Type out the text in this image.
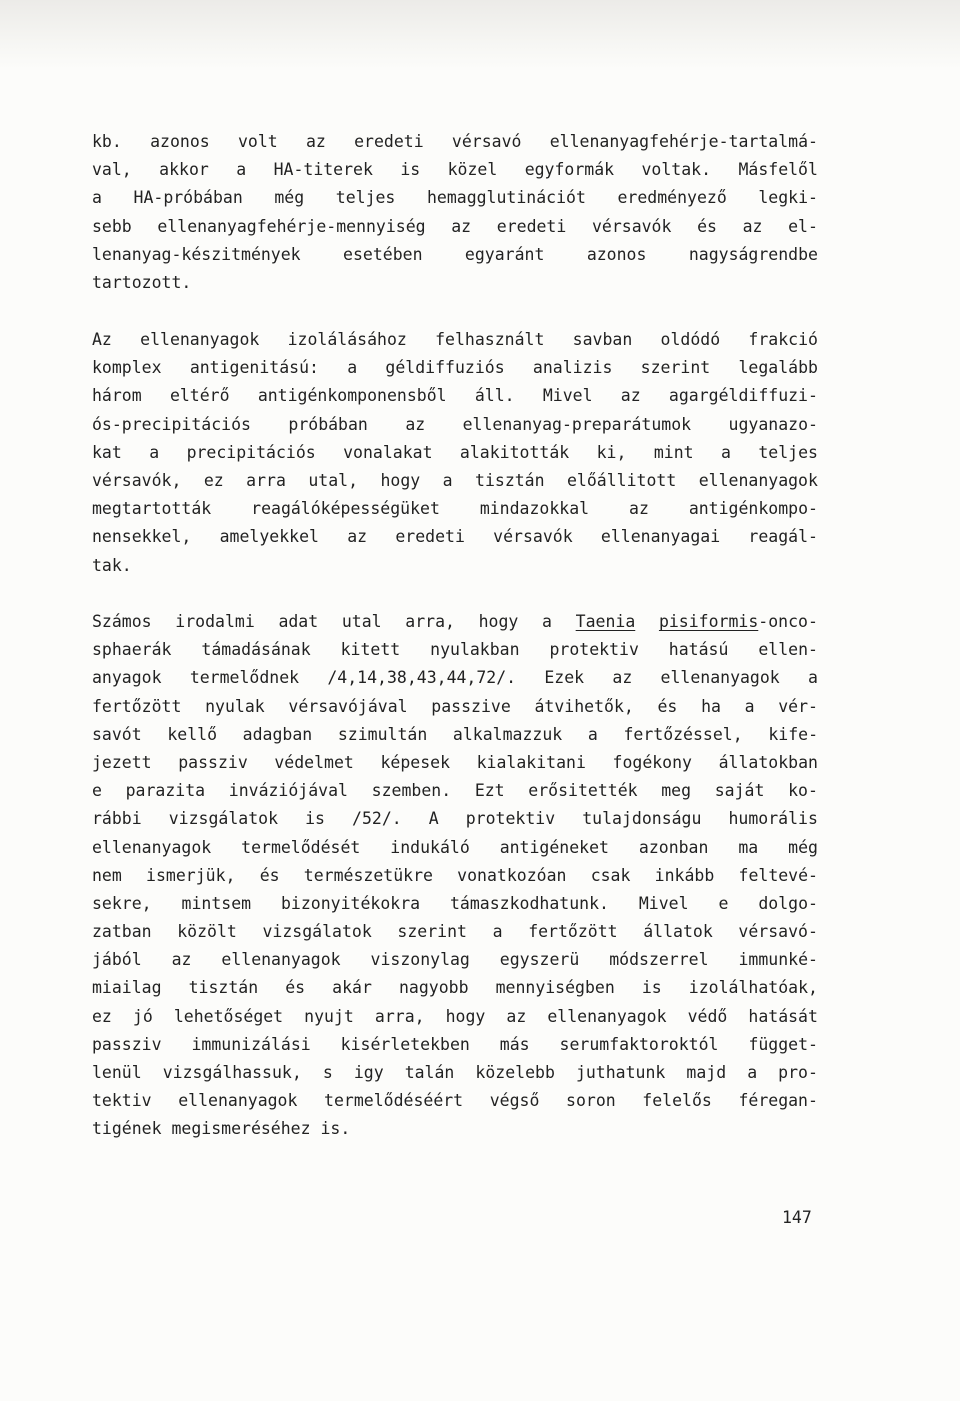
kb. azonos volt az eredeti vérsavó ellenanyagfehérje-tartalmá-
val, akkor a HA-titerek is közel egyformák voltak. Másfelől
a HA-próbában még teljes hemagglutinációt eredményező legki-
sebb ellenanyagfehérje-mennyiség az eredeti vérsavók és az el-
lenanyag-készitmények	esetében	egyaránt	azonos	nagyságrendbe
tartozott.
Az ellenanyagok izolálásához felhasznált savban oldódó frakció
komplex antigenitású: a géldiffuziós analizis szerint legalább
három eltérő antigénkomponensből áll. Mivel az agargéldiffuzi-
ós-precipitációs próbában az ellenanyag-preparátumok ugyanazo-
kat a precipitációs vonalakat alakitották ki, mint a teljes
vérsavók, ez arra utal, hogy a tisztán előállitott ellenanyagok
megtartották reagálóképességüket mindazokkal az antigénkompo-
nensekkel, amelyekkel az eredeti vérsavók ellenanyagai reagál-
tak.
Számos irodalmi adat utal arra, hogy a Taenia pisiformis-onco-
sphaerák támadásának kitett nyulakban protektiv hatású ellen-
anyagok termelődnek /4,14,38,43,44,72/. Ezek az ellenanyagok a
fertőzött nyulak vérsavójával passzive átvihetők, és ha a vér-
savót kellő adagban szimultán alkalmazzuk a fertőzéssel, kife-
jezett passziv védelmet képesek kialakitani fogékony állatokban
e parazita inváziójával szemben. Ezt erősitették meg saját ko-
rábbi vizsgálatok is /52/. A protektiv tulajdonságu humorális
ellenanyagok termelődését indukáló antigéneket azonban ma még
nem ismerjük, és természetükre vonatkozóan csak inkább feltevé-
sekre, mintsem bizonyitékokra támaszkodhatunk. Mivel e dolgo-
zatban közölt vizsgálatok szerint a fertőzött állatok vérsavó-
jából az ellenanyagok viszonylag egyszerü módszerrel immunké-
miailag tisztán és akár nagyobb mennyiségben is izolálhatóak,
ez jó lehetőséget nyujt arra, hogy az ellenanyagok védő hatását
passziv immunizálási kisérletekben más serumfaktoroktól függet-
lenül vizsgálhassuk, s igy talán közelebb juthatunk majd a pro-
tektiv ellenanyagok termelődéséért végső soron felelős féregan-
tigének megismeréséhez is.
147
